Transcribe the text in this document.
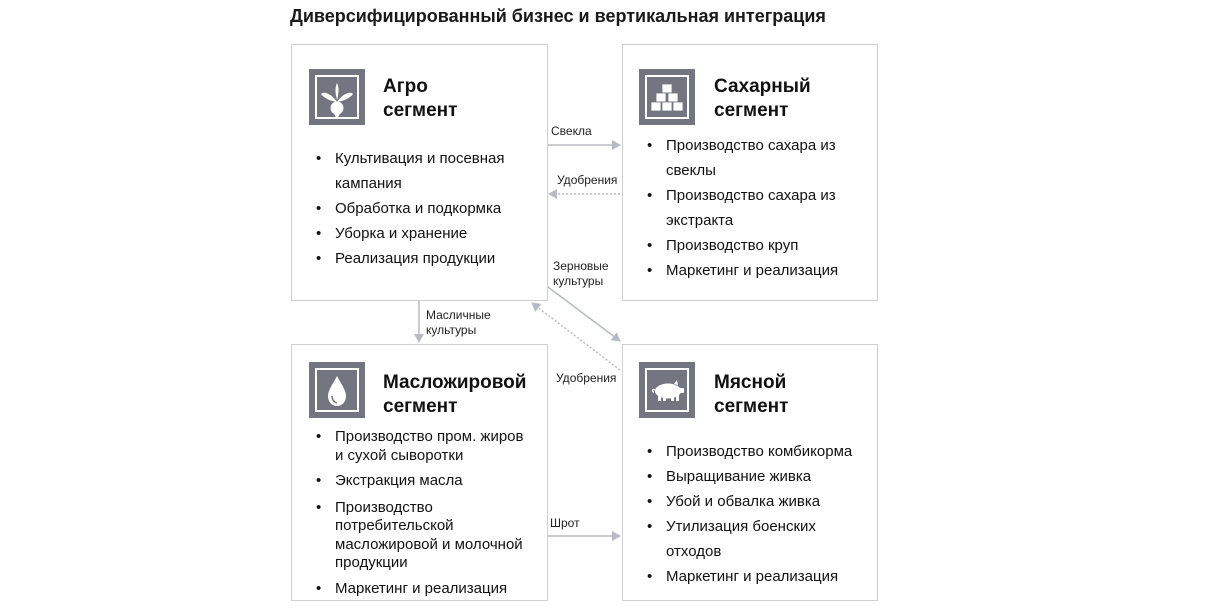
Диверсифицированный бизнес и вертикальная интеграция
Агро
сегмент
• Культивация и посевная кампания
• Обработка и подкормка
• Уборка и хранение
• Реализация продукции
Сахарный
сегмент
• Производство сахара из свеклы
• Производство сахара из экстракта
• Производство круп
• Маркетинг и реализация
Масложировой
сегмент
• Производство пром. жиров и сухой сыворотки
• Экстракция масла
• Производство потребительской масложировой и молочной продукции
• Маркетинг и реализация
Мясной
сегмент
• Производство комбикорма
• Выращивание живка
• Убой и обвалка живка
• Утилизация боенских отходов
• Маркетинг и реализация
Свекла
Удобрения
Зерновые
культуры
Удобрения
Масличные
культуры
Шрот
